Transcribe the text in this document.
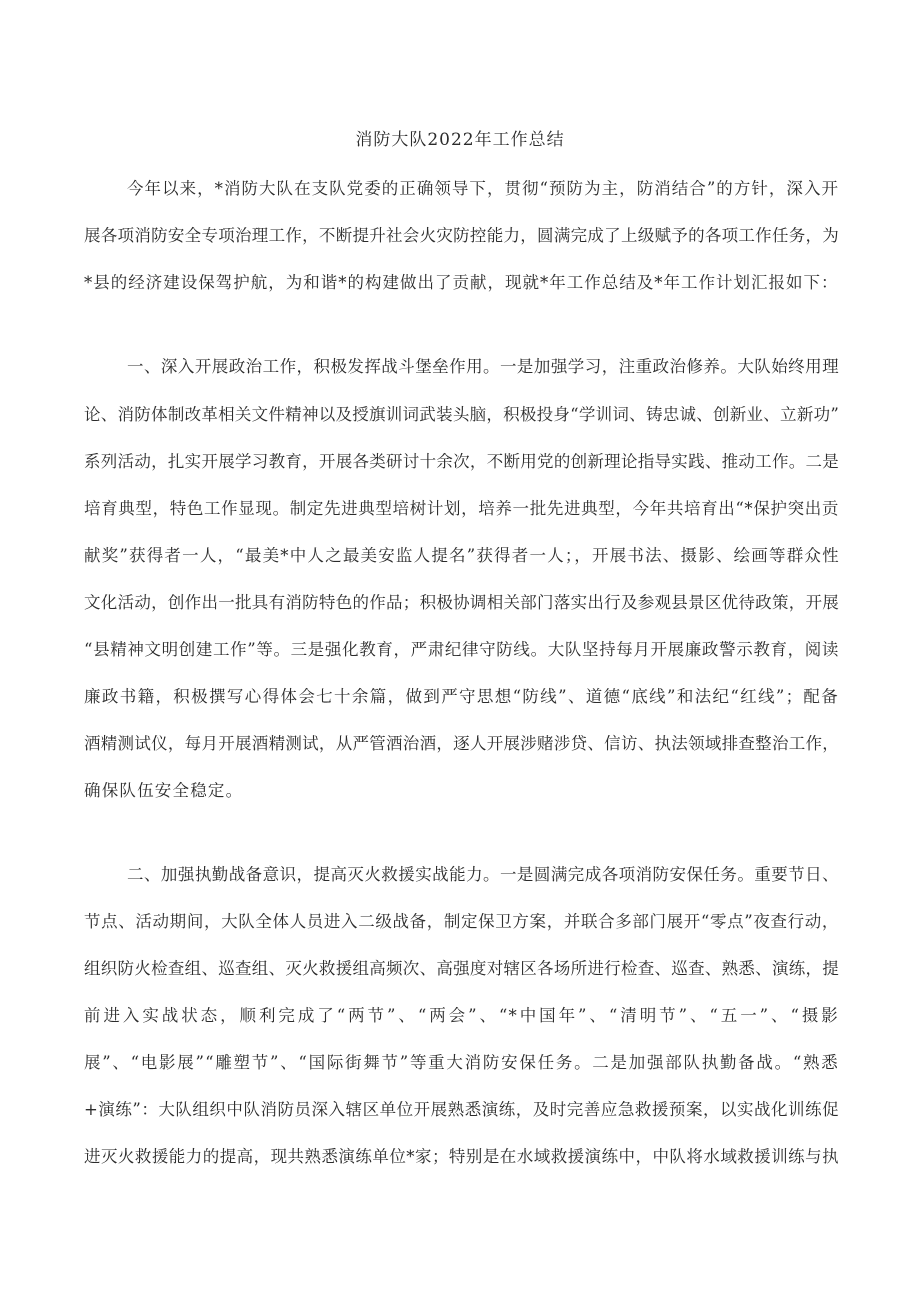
消防大队2022年工作总结
今年以来，*消防大队在支队党委的正确领导下，贯彻“预防为主，防消结合”的方针，深入开
展各项消防安全专项治理工作，不断提升社会火灾防控能力，圆满完成了上级赋予的各项工作任务，为
*县的经济建设保驾护航，为和谐*的构建做出了贡献，现就*年工作总结及*年工作计划汇报如下：
一、深入开展政治工作，积极发挥战斗堡垒作用。一是加强学习，注重政治修养。大队始终用理
论、消防体制改革相关文件精神以及授旗训词武装头脑，积极投身“学训词、铸忠诚、创新业、立新功”
系列活动，扎实开展学习教育，开展各类研讨十余次，不断用党的创新理论指导实践、推动工作。二是
培育典型，特色工作显现。制定先进典型培树计划，培养一批先进典型，今年共培育出“*保护突出贡
献奖”获得者一人，“最美*中人之最美安监人提名”获得者一人；，开展书法、摄影、绘画等群众性
文化活动，创作出一批具有消防特色的作品；积极协调相关部门落实出行及参观县景区优待政策，开展
“县精神文明创建工作”等。三是强化教育，严肃纪律守防线。大队坚持每月开展廉政警示教育，阅读
廉政书籍，积极撰写心得体会七十余篇，做到严守思想“防线”、道德“底线”和法纪“红线”；配备
酒精测试仪，每月开展酒精测试，从严管酒治酒，逐人开展涉赌涉贷、信访、执法领域排查整治工作，
确保队伍安全稳定。
二、加强执勤战备意识，提高灭火救援实战能力。一是圆满完成各项消防安保任务。重要节日、
节点、活动期间，大队全体人员进入二级战备，制定保卫方案，并联合多部门展开“零点”夜查行动，
组织防火检查组、巡查组、灭火救援组高频次、高强度对辖区各场所进行检查、巡查、熟悉、演练，提
前进入实战状态，顺利完成了“两节”、“两会”、“*中国年”、“清明节”、“五一”、“摄影
展”、“电影展”“雕塑节”、“国际街舞节”等重大消防安保任务。二是加强部队执勤备战。“熟悉
+演练”：大队组织中队消防员深入辖区单位开展熟悉演练，及时完善应急救援预案，以实战化训练促
进灭火救援能力的提高，现共熟悉演练单位*家；特别是在水域救援演练中，中队将水域救援训练与执
